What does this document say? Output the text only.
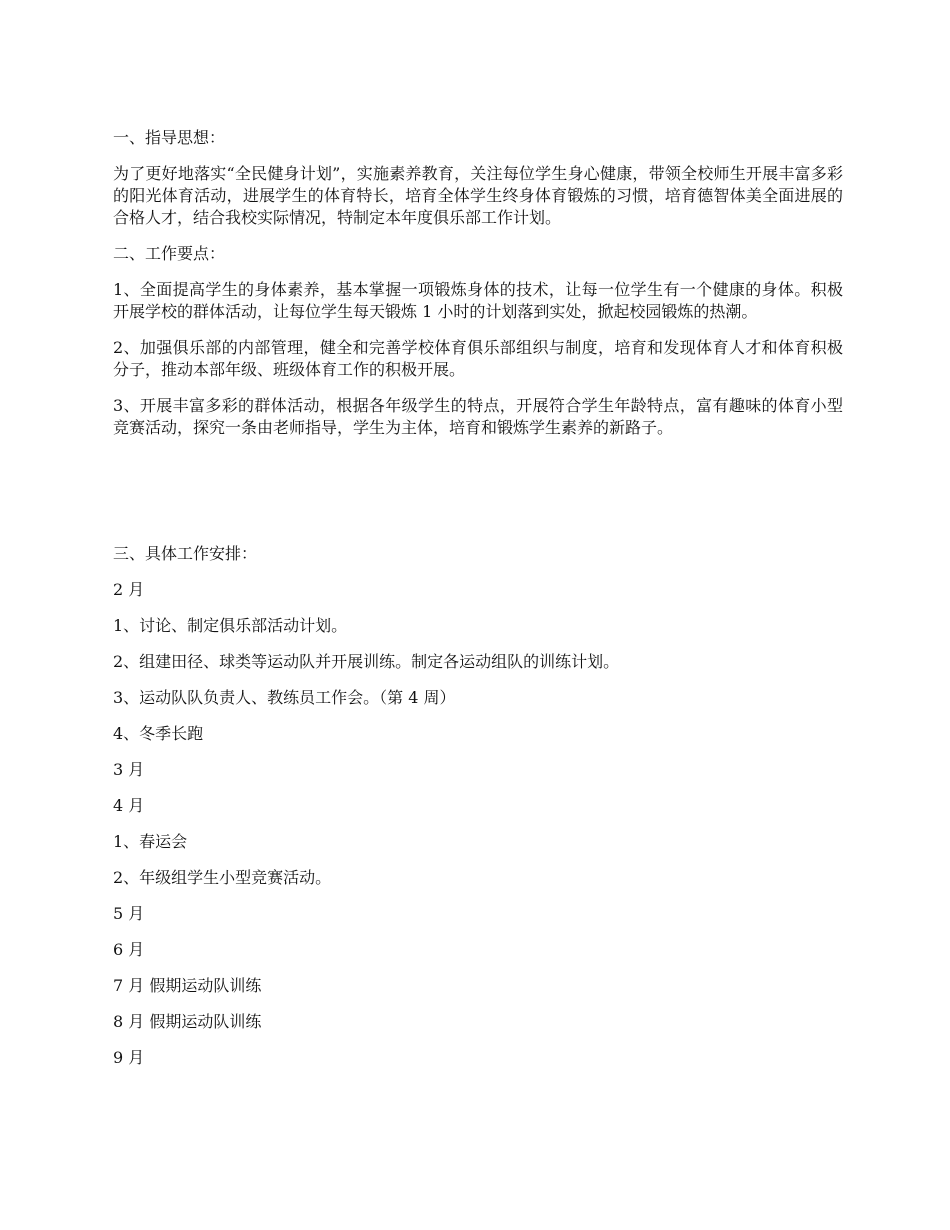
一、指导思想：

为了更好地落实“全民健身计划”，实施素养教育，关注每位学生身心健康，带领全校师生开展丰富多彩的阳光体育活动，进展学生的体育特长，培育全体学生终身体育锻炼的习惯，培育德智体美全面进展的合格人才，结合我校实际情况，特制定本年度俱乐部工作计划。

二、工作要点：

1、全面提高学生的身体素养，基本掌握一项锻炼身体的技术，让每一位学生有一个健康的身体。积极开展学校的群体活动，让每位学生每天锻炼 1 小时的计划落到实处，掀起校园锻炼的热潮。

2、加强俱乐部的内部管理，健全和完善学校体育俱乐部组织与制度，培育和发现体育人才和体育积极分子，推动本部年级、班级体育工作的积极开展。

3、开展丰富多彩的群体活动，根据各年级学生的特点，开展符合学生年龄特点，富有趣味的体育小型竞赛活动，探究一条由老师指导，学生为主体，培育和锻炼学生素养的新路子。

三、具体工作安排：

2 月

1、讨论、制定俱乐部活动计划。

2、组建田径、球类等运动队并开展训练。制定各运动组队的训练计划。

3、运动队队负责人、教练员工作会。（第 4 周）

4、冬季长跑

3 月

4 月

1、春运会

2、年级组学生小型竞赛活动。

5 月

6 月

7 月 假期运动队训练

8 月 假期运动队训练

9 月
